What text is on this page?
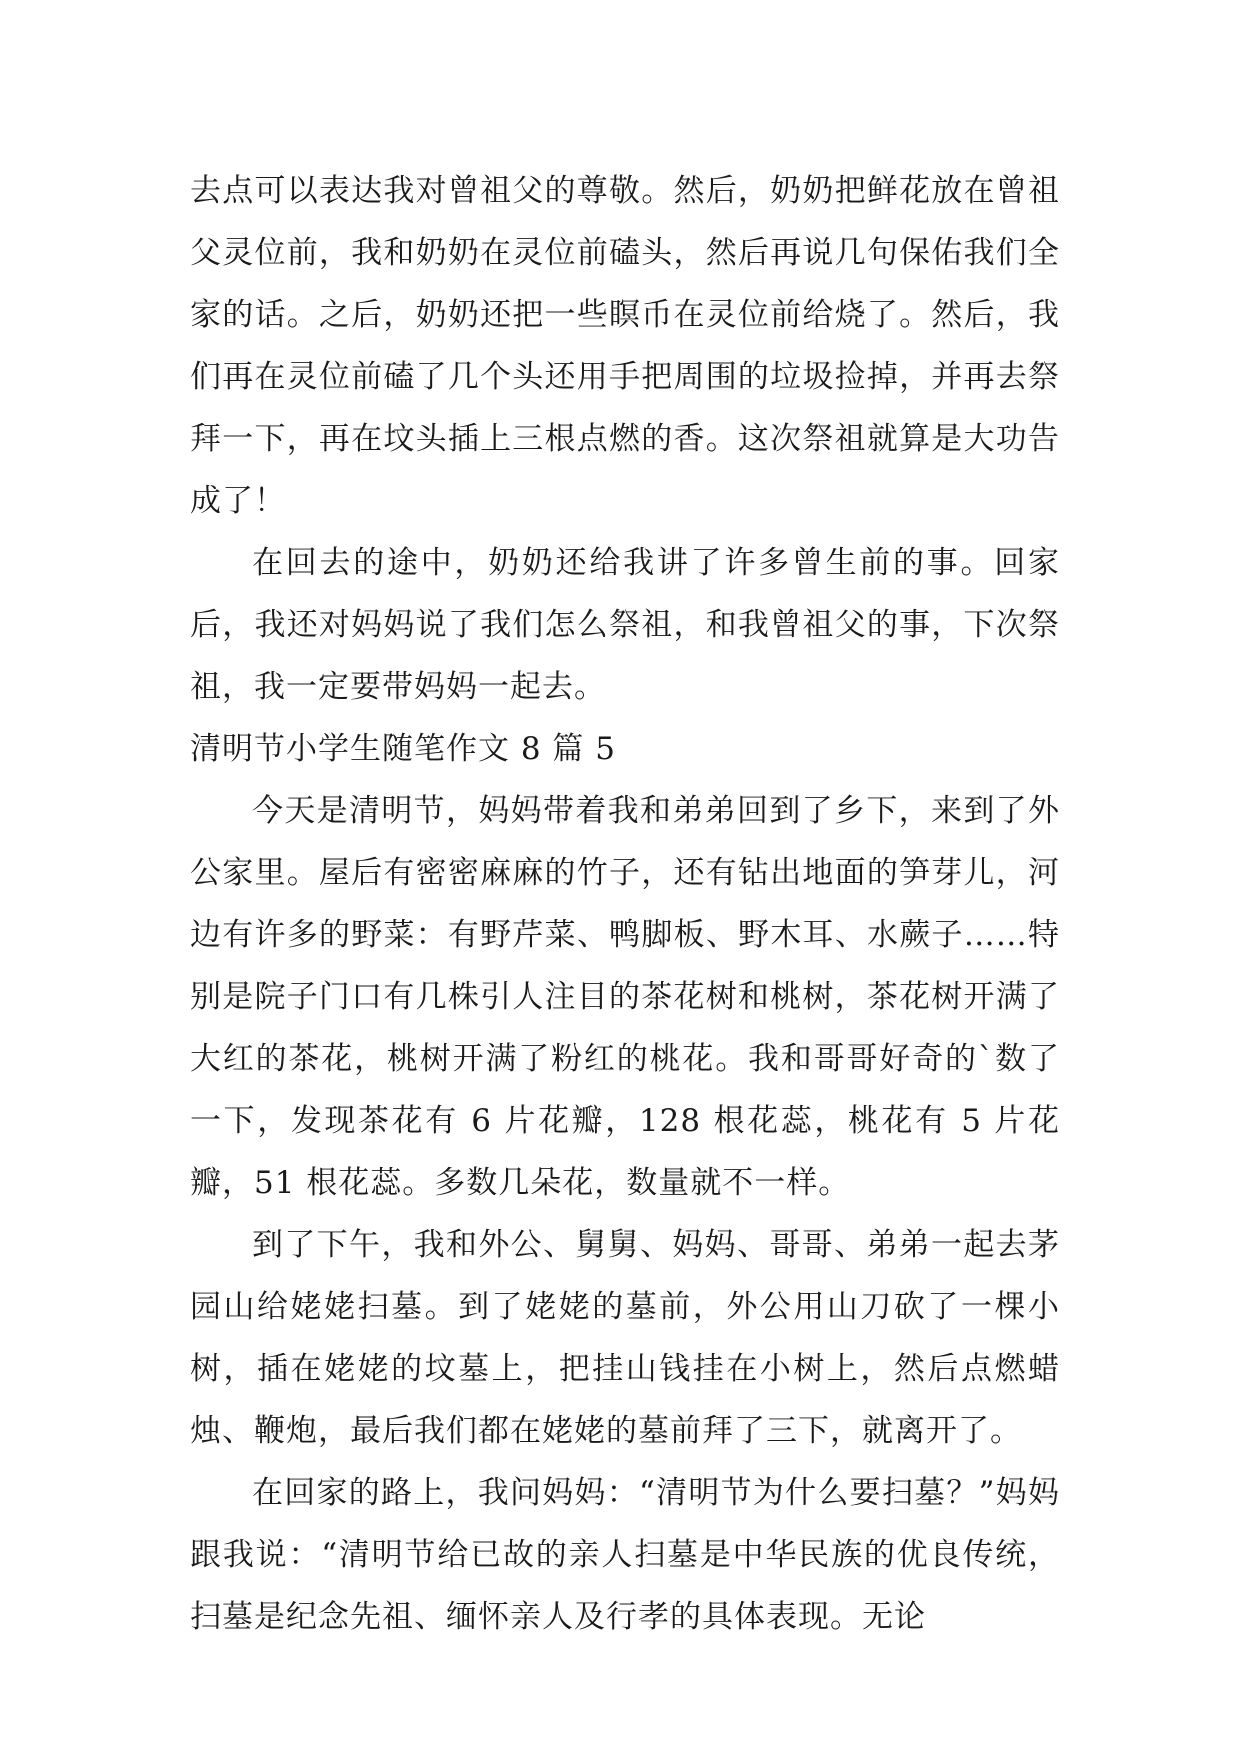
去点可以表达我对曾祖父的尊敬。然后，奶奶把鲜花放在曾祖父灵位前，我和奶奶在灵位前磕头，然后再说几句保佑我们全家的话。之后，奶奶还把一些瞑币在灵位前给烧了。然后，我们再在灵位前磕了几个头还用手把周围的垃圾捡掉，并再去祭拜一下，再在坟头插上三根点燃的香。这次祭祖就算是大功告成了！

在回去的途中，奶奶还给我讲了许多曾生前的事。回家后，我还对妈妈说了我们怎么祭祖，和我曾祖父的事，下次祭祖，我一定要带妈妈一起去。

清明节小学生随笔作文 8 篇 5

今天是清明节，妈妈带着我和弟弟回到了乡下，来到了外公家里。屋后有密密麻麻的竹子，还有钻出地面的笋芽儿，河边有许多的野菜：有野芹菜、鸭脚板、野木耳、水蕨子……特别是院子门口有几株引人注目的茶花树和桃树，茶花树开满了大红的茶花，桃树开满了粉红的桃花。我和哥哥好奇的`数了一下，发现茶花有 6 片花瓣，128 根花蕊，桃花有 5 片花瓣，51 根花蕊。多数几朵花，数量就不一样。

到了下午，我和外公、舅舅、妈妈、哥哥、弟弟一起去茅园山给姥姥扫墓。到了姥姥的墓前，外公用山刀砍了一棵小树，插在姥姥的坟墓上，把挂山钱挂在小树上，然后点燃蜡烛、鞭炮，最后我们都在姥姥的墓前拜了三下，就离开了。

在回家的路上，我问妈妈：“清明节为什么要扫墓？”妈妈跟我说：“清明节给已故的亲人扫墓是中华民族的优良传统，扫墓是纪念先祖、缅怀亲人及行孝的具体表现。无论
